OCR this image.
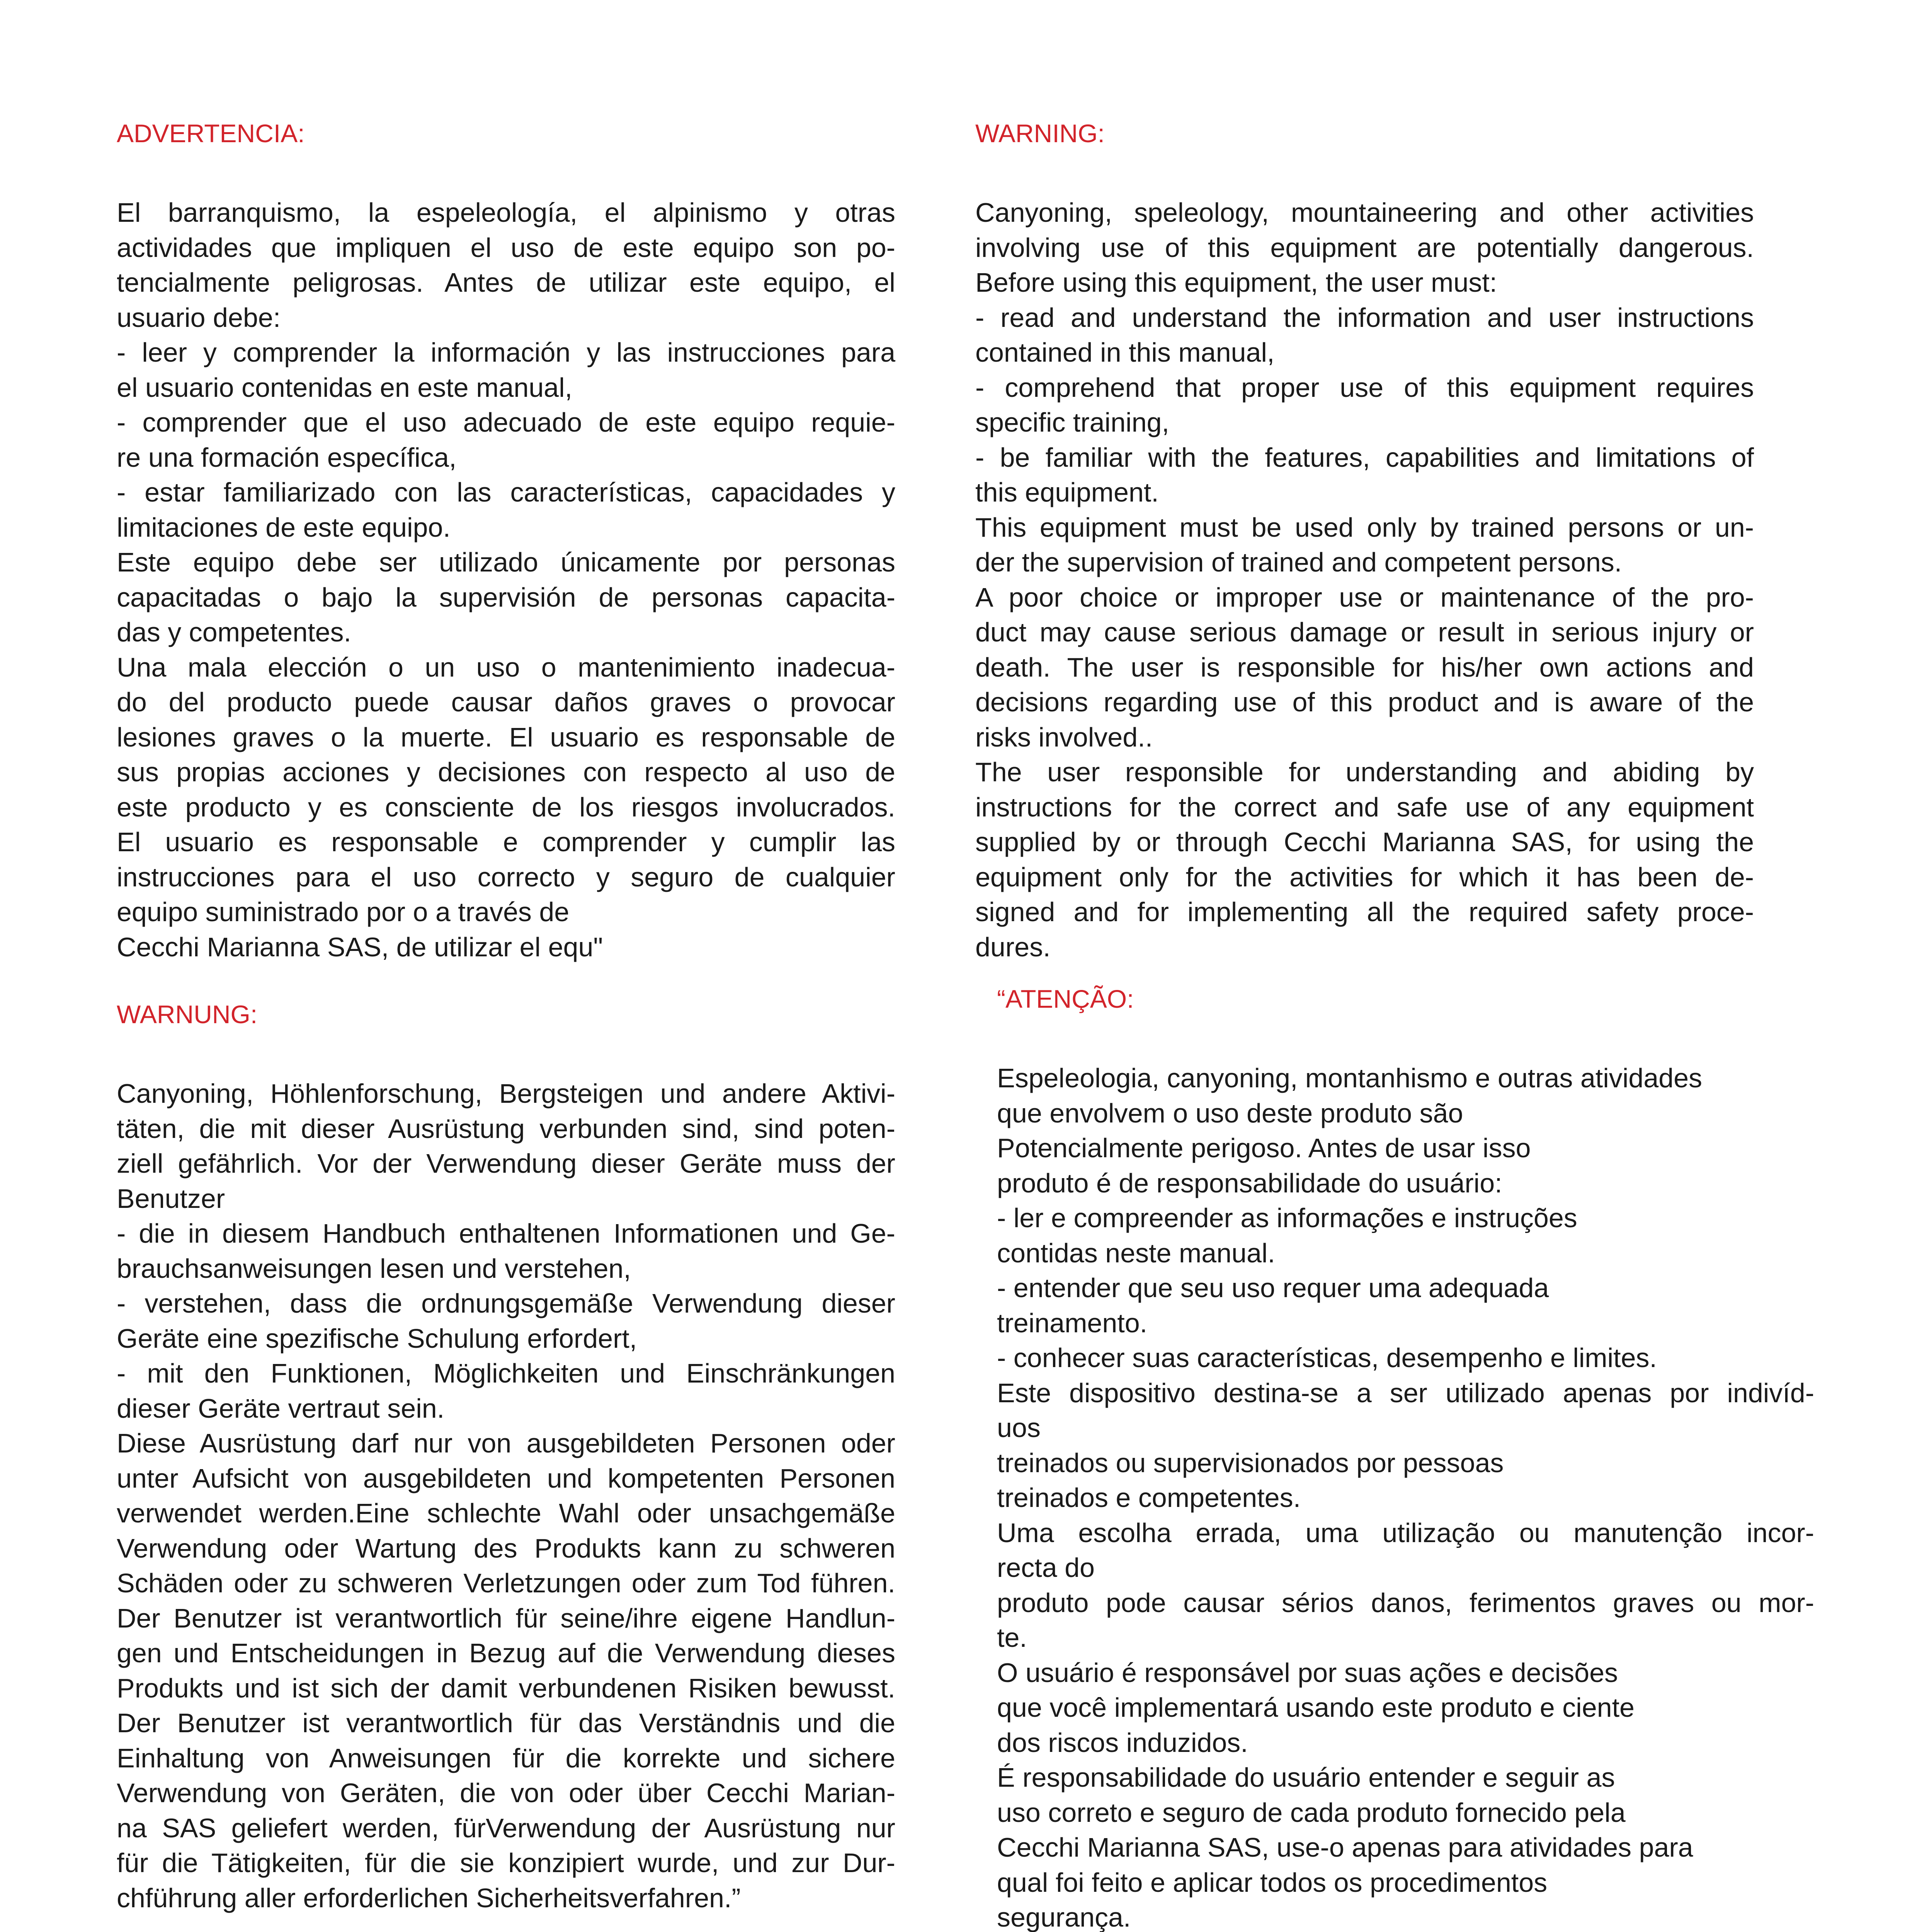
ADVERTENCIA:
El barranquismo, la espeleología, el alpinismo y otras
actividades que impliquen el uso de este equipo son po-
tencialmente peligrosas. Antes de utilizar este equipo, el
usuario debe:
- leer y comprender la información y las instrucciones para
el usuario contenidas en este manual,
- comprender que el uso adecuado de este equipo requie-
re una formación específica,
- estar familiarizado con las características, capacidades y
limitaciones de este equipo.
Este equipo debe ser utilizado únicamente por personas
capacitadas o bajo la supervisión de personas capacita-
das y competentes.
Una mala elección o un uso o mantenimiento inadecua-
do del producto puede causar daños graves o provocar
lesiones graves o la muerte. El usuario es responsable de
sus propias acciones y decisiones con respecto al uso de
este producto y es consciente de los riesgos involucrados.
El usuario es responsable e comprender y cumplir las
instrucciones para el uso correcto y seguro de cualquier
equipo suministrado por o a través de
Cecchi Marianna SAS, de utilizar el equ"
WARNING:
Canyoning, speleology, mountaineering and other activities
involving use of this equipment are potentially dangerous.
Before using this equipment, the user must:
- read and understand the information and user instructions
contained in this manual,
- comprehend that proper use of this equipment requires
specific training,
- be familiar with the features, capabilities and limitations of
this equipment.
This equipment must be used only by trained persons or un-
der the supervision of trained and competent persons.
A poor choice or improper use or maintenance of the pro-
duct may cause serious damage or result in serious injury or
death. The user is responsible for his/her own actions and
decisions regarding use of this product and is aware of the
risks involved..
The user responsible for understanding and abiding by
instructions for the correct and safe use of any equipment
supplied by or through Cecchi Marianna SAS, for using the
equipment only for the activities for which it has been de-
signed and for implementing all the required safety proce-
dures.
WARNUNG:
Canyoning, Höhlenforschung, Bergsteigen und andere Aktivi-
täten, die mit dieser Ausrüstung verbunden sind, sind poten-
ziell gefährlich. Vor der Verwendung dieser Geräte muss der
Benutzer
- die in diesem Handbuch enthaltenen Informationen und Ge-
brauchsanweisungen lesen und verstehen,
- verstehen, dass die ordnungsgemäße Verwendung dieser
Geräte eine spezifische Schulung erfordert,
- mit den Funktionen, Möglichkeiten und Einschränkungen
dieser Geräte vertraut sein.
Diese Ausrüstung darf nur von ausgebildeten Personen oder
unter Aufsicht von ausgebildeten und kompetenten Personen
verwendet werden.Eine schlechte Wahl oder unsachgemäße
Verwendung oder Wartung des Produkts kann zu schweren
Schäden oder zu schweren Verletzungen oder zum Tod führen.
Der Benutzer ist verantwortlich für seine/ihre eigene Handlun-
gen und Entscheidungen in Bezug auf die Verwendung dieses
Produkts und ist sich der damit verbundenen Risiken bewusst.
Der Benutzer ist verantwortlich für das Verständnis und die
Einhaltung von Anweisungen für die korrekte und sichere
Verwendung von Geräten, die von oder über Cecchi Marian-
na SAS geliefert werden, fürVerwendung der Ausrüstung nur
für die Tätigkeiten, für die sie konzipiert wurde, und zur Dur-
chführung aller erforderlichen Sicherheitsverfahren.”
“ATENÇÃO:
Espeleologia, canyoning, montanhismo e outras atividades
que envolvem o uso deste produto são
Potencialmente perigoso. Antes de usar isso
produto é de responsabilidade do usuário:
- ler e compreender as informações e instruções
contidas neste manual.
- entender que seu uso requer uma adequada
treinamento.
- conhecer suas características, desempenho e limites.
Este dispositivo destina-se a ser utilizado apenas por indivíd-
uos
treinados ou supervisionados por pessoas
treinados e competentes.
Uma escolha errada, uma utilização ou manutenção incor-
recta do
produto pode causar sérios danos, ferimentos graves ou mor-
te.
O usuário é responsável por suas ações e decisões
que você implementará usando este produto e ciente
dos riscos induzidos.
É responsabilidade do usuário entender e seguir as
uso correto e seguro de cada produto fornecido pela
Cecchi Marianna SAS, use-o apenas para atividades para
qual foi feito e aplicar todos os procedimentos
segurança.
